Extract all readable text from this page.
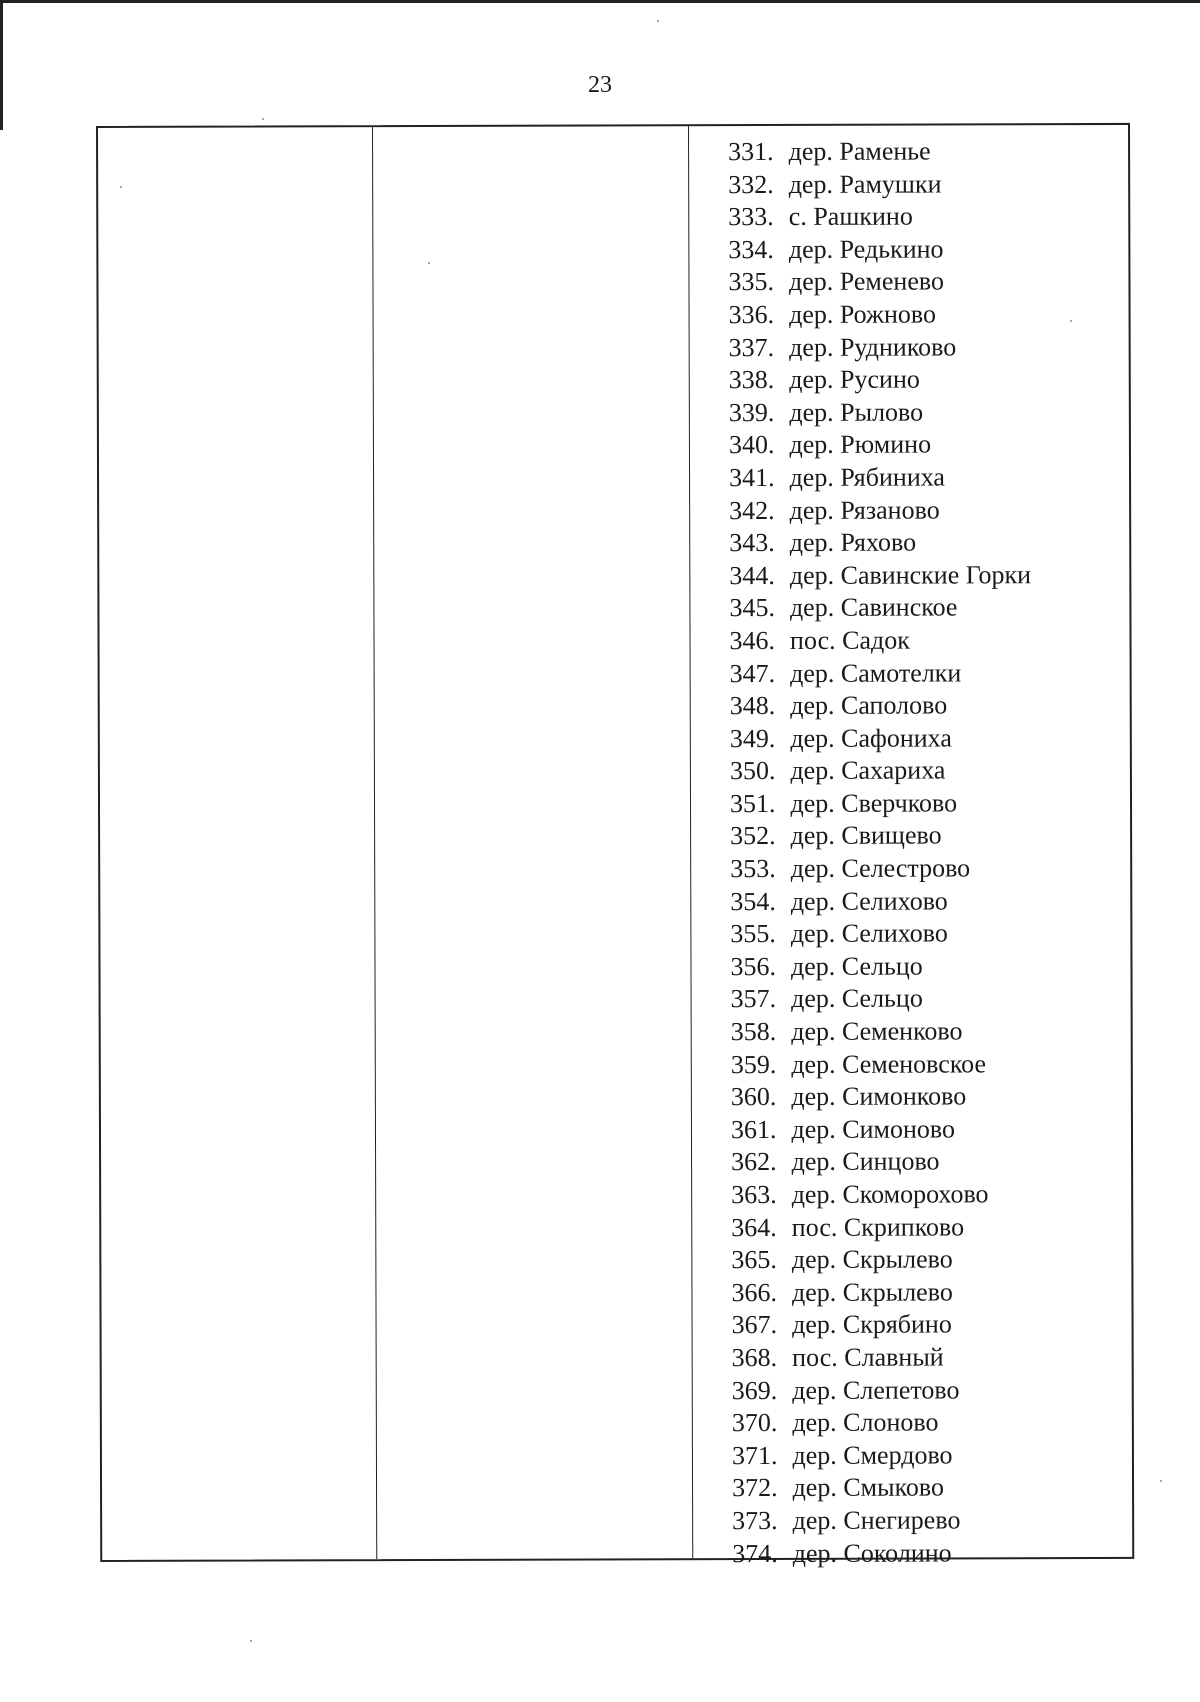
23
331. дер. Раменье
332. дер. Рамушки
333. с. Рашкино
334. дер. Редькино
335. дер. Ременево
336. дер. Рожново
337. дер. Рудниково
338. дер. Русино
339. дер. Рылово
340. дер. Рюмино
341. дер. Рябиниха
342. дер. Рязаново
343. дер. Ряхово
344. дер. Савинские Горки
345. дер. Савинское
346. пос. Садок
347. дер. Самотелки
348. дер. Саполово
349. дер. Сафониха
350. дер. Сахариха
351. дер. Сверчково
352. дер. Свищево
353. дер. Селестрово
354. дер. Селихово
355. дер. Селихово
356. дер. Сельцо
357. дер. Сельцо
358. дер. Семенково
359. дер. Семеновское
360. дер. Симонково
361. дер. Симоново
362. дер. Синцово
363. дер. Скоморохово
364. пос. Скрипково
365. дер. Скрылево
366. дер. Скрылево
367. дер. Скрябино
368. пос. Славный
369. дер. Слепетово
370. дер. Слоново
371. дер. Смердово
372. дер. Смыково
373. дер. Снегирево
374. дер. Соколино
